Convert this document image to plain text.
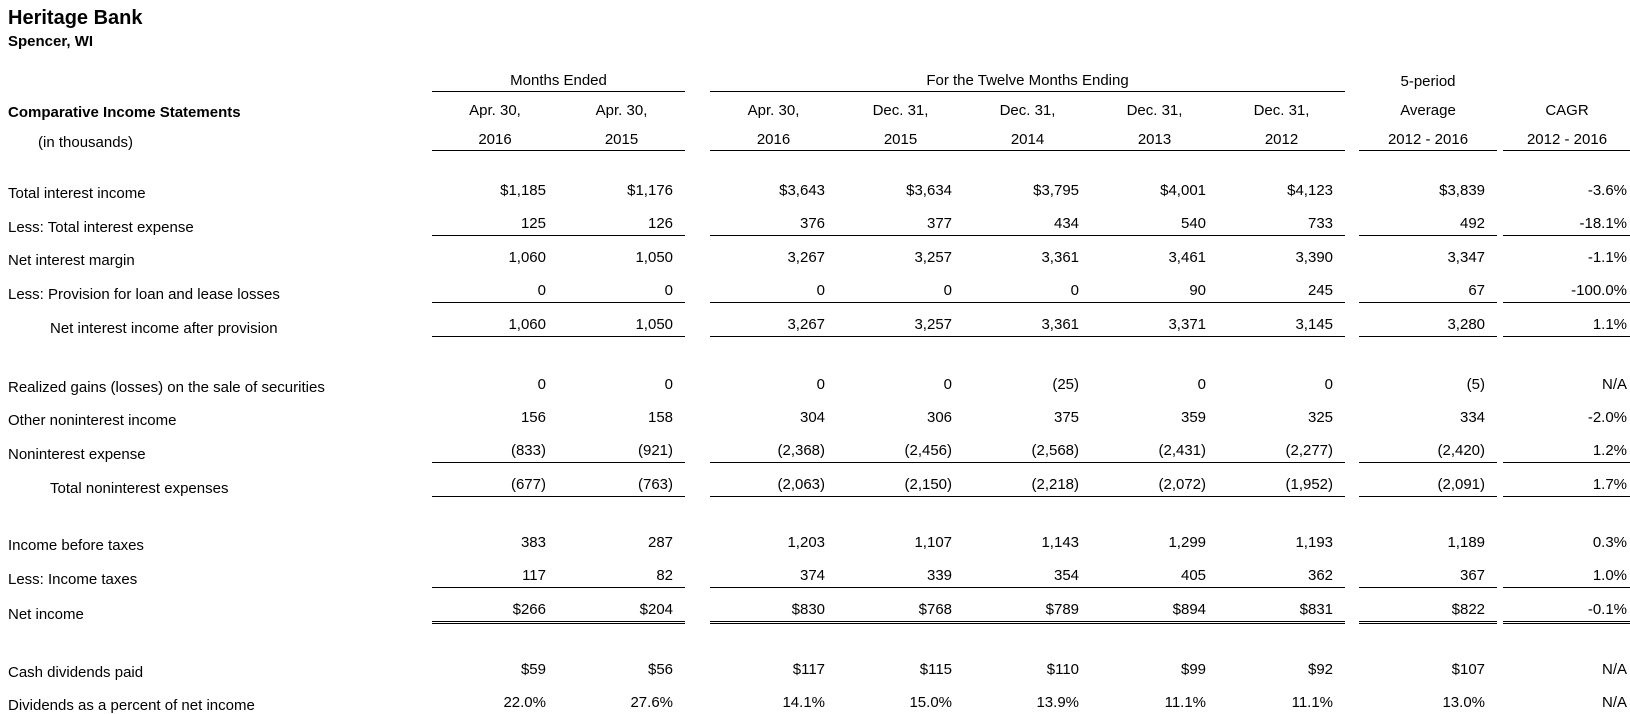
Heritage Bank
Spencer, WI
	Months Ended			For the Twelve Months Ending						5-period		
Comparative Income Statements	Apr. 30,	Apr. 30,		Apr. 30,	Dec. 31,	Dec. 31,	Dec. 31,	Dec. 31,		Average		CAGR
(in thousands)	2016	2015		2016	2015	2014	2013	2012		2012 - 2016		2012 - 2016

Total interest income	$1,185	$1,176		$3,643	$3,634	$3,795	$4,001	$4,123		$3,839		-3.6%
Less: Total interest expense	125	126		376	377	434	540	733		492		-18.1%
Net interest margin	1,060	1,050		3,267	3,257	3,361	3,461	3,390		3,347		-1.1%
Less: Provision for loan and lease losses	0	0		0	0	0	90	245		67		-100.0%
Net interest income after provision	1,060	1,050		3,267	3,257	3,361	3,371	3,145		3,280		1.1%

Realized gains (losses) on the sale of securities	0	0		0	0	(25)	0	0		(5)		N/A
Other noninterest income	156	158		304	306	375	359	325		334		-2.0%
Noninterest expense	(833)	(921)		(2,368)	(2,456)	(2,568)	(2,431)	(2,277)		(2,420)		1.2%
Total noninterest expenses	(677)	(763)		(2,063)	(2,150)	(2,218)	(2,072)	(1,952)		(2,091)		1.7%

Income before taxes	383	287		1,203	1,107	1,143	1,299	1,193		1,189		0.3%
Less: Income taxes	117	82		374	339	354	405	362		367		1.0%
Net income	$266	$204		$830	$768	$789	$894	$831		$822		-0.1%

Cash dividends paid	$59	$56		$117	$115	$110	$99	$92		$107		N/A
Dividends as a percent of net income	22.0%	27.6%		14.1%	15.0%	13.9%	11.1%	11.1%		13.0%		N/A
